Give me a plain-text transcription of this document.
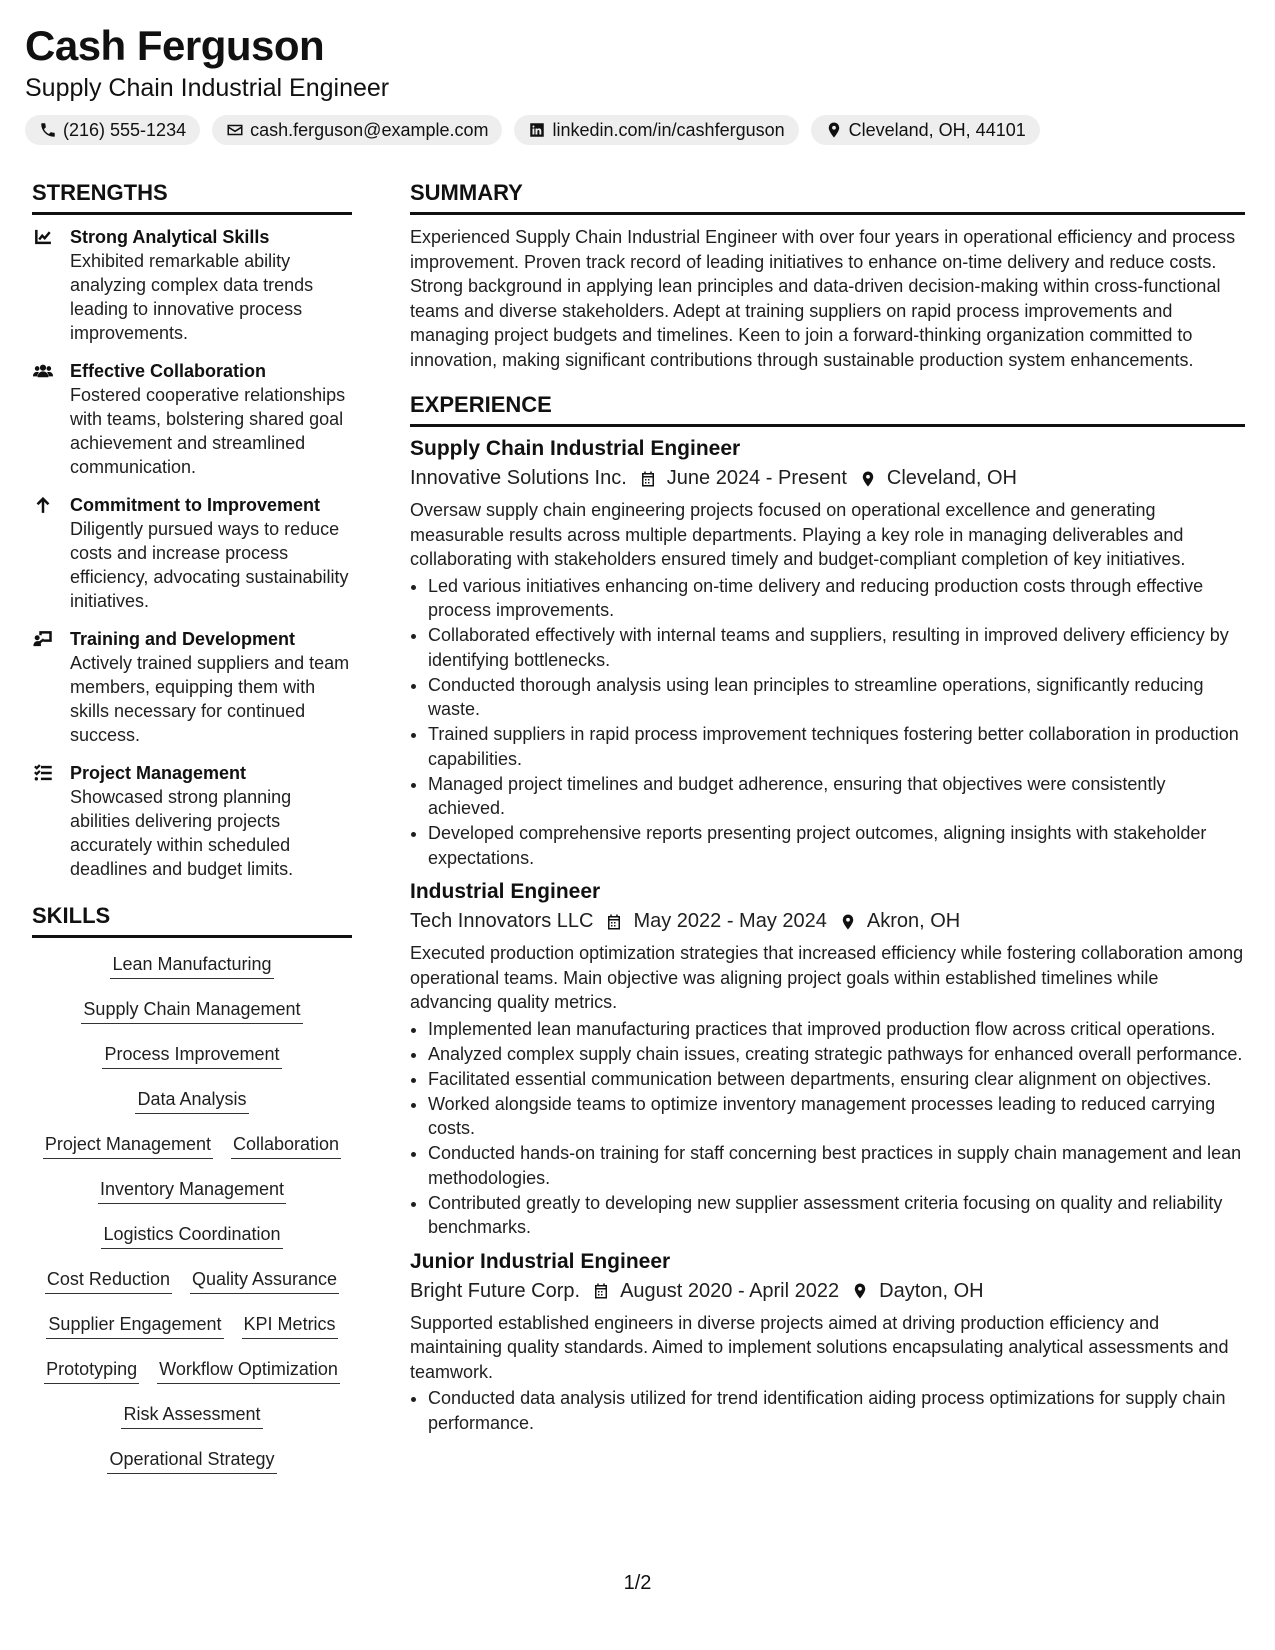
Cash Ferguson
Supply Chain Industrial Engineer
(216) 555-1234	cash.ferguson@example.com	linkedin.com/in/cashferguson	Cleveland, OH, 44101
STRENGTHS
Strong Analytical Skills
Exhibited remarkable ability analyzing complex data trends leading to innovative process improvements.
Effective Collaboration
Fostered cooperative relationships with teams, bolstering shared goal achievement and streamlined communication.
Commitment to Improvement
Diligently pursued ways to reduce costs and increase process efficiency, advocating sustainability initiatives.
Training and Development
Actively trained suppliers and team members, equipping them with skills necessary for continued success.
Project Management
Showcased strong planning abilities delivering projects accurately within scheduled deadlines and budget limits.
SKILLS
Lean Manufacturing
Supply Chain Management
Process Improvement
Data Analysis
Project Management Collaboration
Inventory Management
Logistics Coordination
Cost Reduction Quality Assurance
Supplier Engagement KPI Metrics
Prototyping Workflow Optimization
Risk Assessment
Operational Strategy
SUMMARY
Experienced Supply Chain Industrial Engineer with over four years in operational efficiency and process improvement. Proven track record of leading initiatives to enhance on-time delivery and reduce costs. Strong background in applying lean principles and data-driven decision-making within cross-functional teams and diverse stakeholders. Adept at training suppliers on rapid process improvements and managing project budgets and timelines. Keen to join a forward-thinking organization committed to innovation, making significant contributions through sustainable production system enhancements.
EXPERIENCE
Supply Chain Industrial Engineer
Innovative Solutions Inc. June 2024 - Present Cleveland, OH
Oversaw supply chain engineering projects focused on operational excellence and generating measurable results across multiple departments. Playing a key role in managing deliverables and collaborating with stakeholders ensured timely and budget-compliant completion of key initiatives.
• Led various initiatives enhancing on-time delivery and reducing production costs through effective process improvements.
• Collaborated effectively with internal teams and suppliers, resulting in improved delivery efficiency by identifying bottlenecks.
• Conducted thorough analysis using lean principles to streamline operations, significantly reducing waste.
• Trained suppliers in rapid process improvement techniques fostering better collaboration in production capabilities.
• Managed project timelines and budget adherence, ensuring that objectives were consistently achieved.
• Developed comprehensive reports presenting project outcomes, aligning insights with stakeholder expectations.
Industrial Engineer
Tech Innovators LLC May 2022 - May 2024 Akron, OH
Executed production optimization strategies that increased efficiency while fostering collaboration among operational teams. Main objective was aligning project goals within established timelines while advancing quality metrics.
• Implemented lean manufacturing practices that improved production flow across critical operations.
• Analyzed complex supply chain issues, creating strategic pathways for enhanced overall performance.
• Facilitated essential communication between departments, ensuring clear alignment on objectives.
• Worked alongside teams to optimize inventory management processes leading to reduced carrying costs.
• Conducted hands-on training for staff concerning best practices in supply chain management and lean methodologies.
• Contributed greatly to developing new supplier assessment criteria focusing on quality and reliability benchmarks.
Junior Industrial Engineer
Bright Future Corp. August 2020 - April 2022 Dayton, OH
Supported established engineers in diverse projects aimed at driving production efficiency and maintaining quality standards. Aimed to implement solutions encapsulating analytical assessments and teamwork.
• Conducted data analysis utilized for trend identification aiding process optimizations for supply chain performance.
1/2
